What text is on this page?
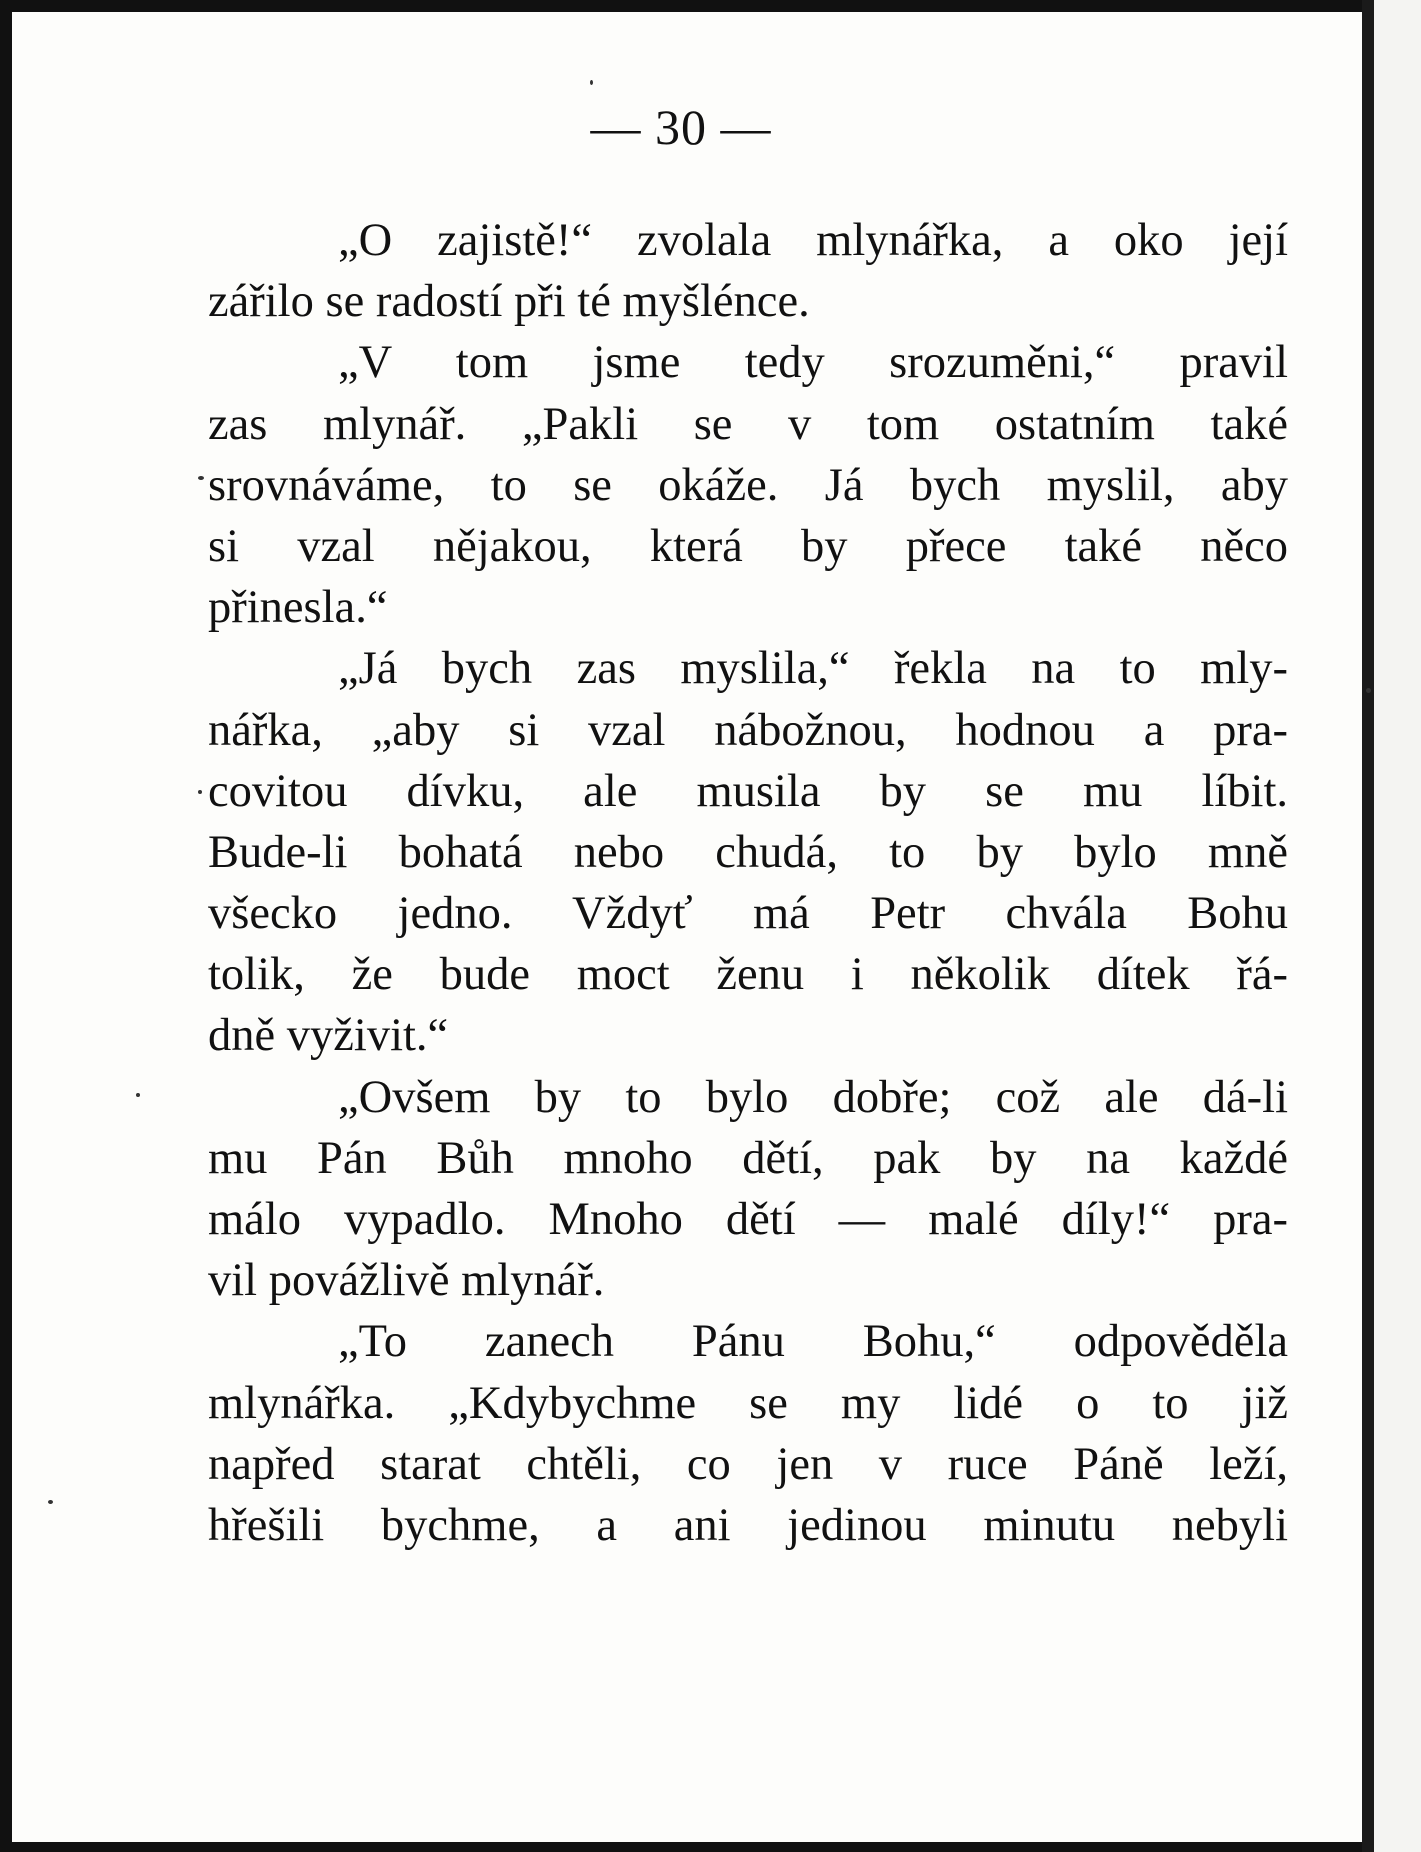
— 30 —
„O zajistě!“ zvolala mlynářka, a oko její
zářilo se radostí při té myšlénce.
„V tom jsme tedy srozuměni,“ pravil
zas mlynář. „Pakli se v tom ostatním také
srovnáváme, to se okáže. Já bych myslil, aby
si vzal nějakou, která by přece také něco
přinesla.“
„Já bych zas myslila,“ řekla na to mly-
nářka, „aby si vzal nábožnou, hodnou a pra-
covitou dívku, ale musila by se mu líbit.
Bude-li bohatá nebo chudá, to by bylo mně
všecko jedno. Vždyť má Petr chvála Bohu
tolik, že bude moct ženu i několik dítek řá-
dně vyživit.“
„Ovšem by to bylo dobře; což ale dá-li
mu Pán Bůh mnoho dětí, pak by na každé
málo vypadlo. Mnoho dětí — malé díly!“ pra-
vil povážlivě mlynář.
„To zanech Pánu Bohu,“ odpověděla
mlynářka. „Kdybychme se my lidé o to již
napřed starat chtěli, co jen v ruce Páně leží,
hřešili bychme, a ani jedinou minutu nebyli
